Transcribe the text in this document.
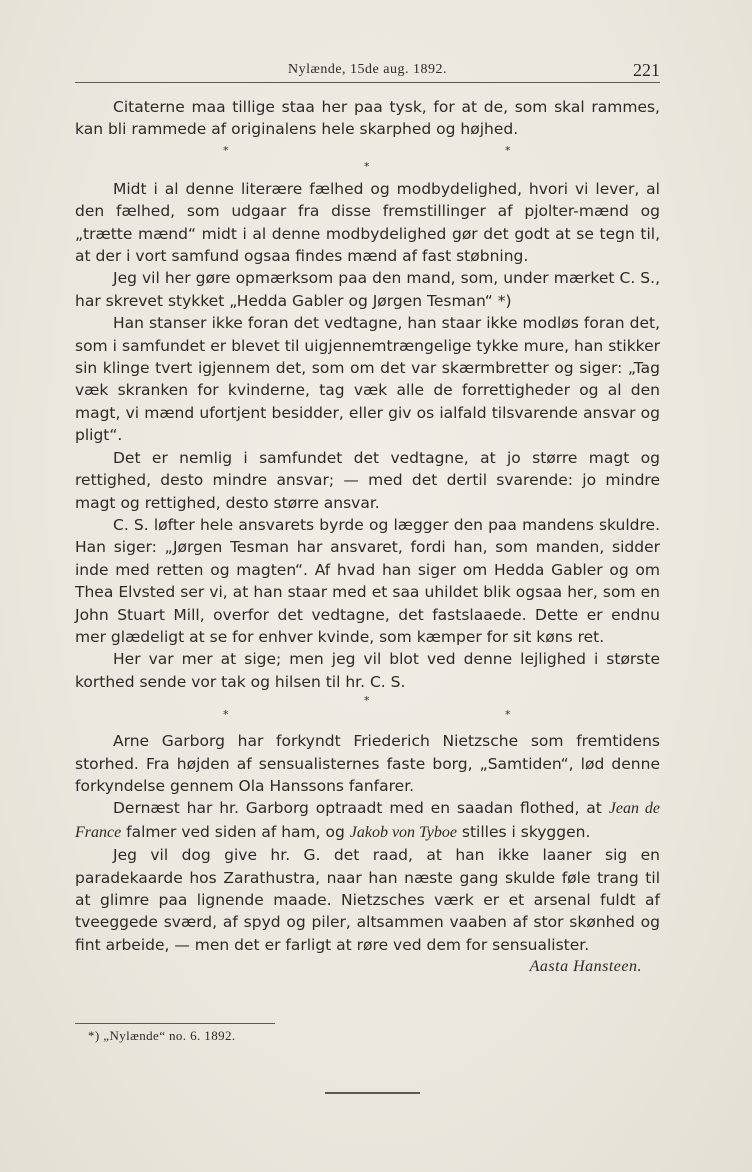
Nylænde, 15de aug. 1892.	221

Citaterne maa tillige staa her paa tysk, for at de, som skal rammes, kan bli rammede af originalens hele skarphed og højhed.

*	*
*

Midt i al denne literære fælhed og modbydelighed, hvori vi lever, al den fælhed, som udgaar fra disse fremstillinger af pjolter-mænd og „trætte mænd“ midt i al denne modbydelighed gør det godt at se tegn til, at der i vort samfund ogsaa findes mænd af fast støbning.

Jeg vil her gøre opmærksom paa den mand, som, under mærket C. S., har skrevet stykket „Hedda Gabler og Jørgen Tesman“ *)

Han stanser ikke foran det vedtagne, han staar ikke modløs foran det, som i samfundet er blevet til uigjennemtrængelige tykke mure, han stikker sin klinge tvert igjennem det, som om det var skærmbretter og siger: „Tag væk skranken for kvinderne, tag væk alle de forrettigheder og al den magt, vi mænd ufortjent besidder, eller giv os ialfald tilsvarende ansvar og pligt“.

Det er nemlig i samfundet det vedtagne, at jo større magt og rettighed, desto mindre ansvar; — med det dertil svarende: jo mindre magt og rettighed, desto større ansvar.

C. S. løfter hele ansvarets byrde og lægger den paa mandens skuldre. Han siger: „Jørgen Tesman har ansvaret, fordi han, som manden, sidder inde med retten og magten“. Af hvad han siger om Hedda Gabler og om Thea Elvsted ser vi, at han staar med et saa uhildet blik ogsaa her, som en John Stuart Mill, overfor det vedtagne, det fastslaaede. Dette er endnu mer glædeligt at se for enhver kvinde, som kæmper for sit køns ret.

Her var mer at sige; men jeg vil blot ved denne lejlighed i største korthed sende vor tak og hilsen til hr. C. S.

*
*	*

Arne Garborg har forkyndt Friederich Nietzsche som fremtidens storhed. Fra højden af sensualisternes faste borg, „Samtiden“, lød denne forkyndelse gennem Ola Hanssons fanfarer.

Dernæst har hr. Garborg optraadt med en saadan flothed, at Jean de France falmer ved siden af ham, og Jakob von Tyboe stilles i skyggen.

Jeg vil dog give hr. G. det raad, at han ikke laaner sig en paradekaarde hos Zarathustra, naar han næste gang skulde føle trang til at glimre paa lignende maade. Nietzsches værk er et arsenal fuldt af tveeggede sværd, af spyd og piler, altsammen vaaben af stor skønhed og fint arbeide, — men det er farligt at røre ved dem for sensualister.

Aasta Hansteen.
*) „Nylænde“ no. 6. 1892.
